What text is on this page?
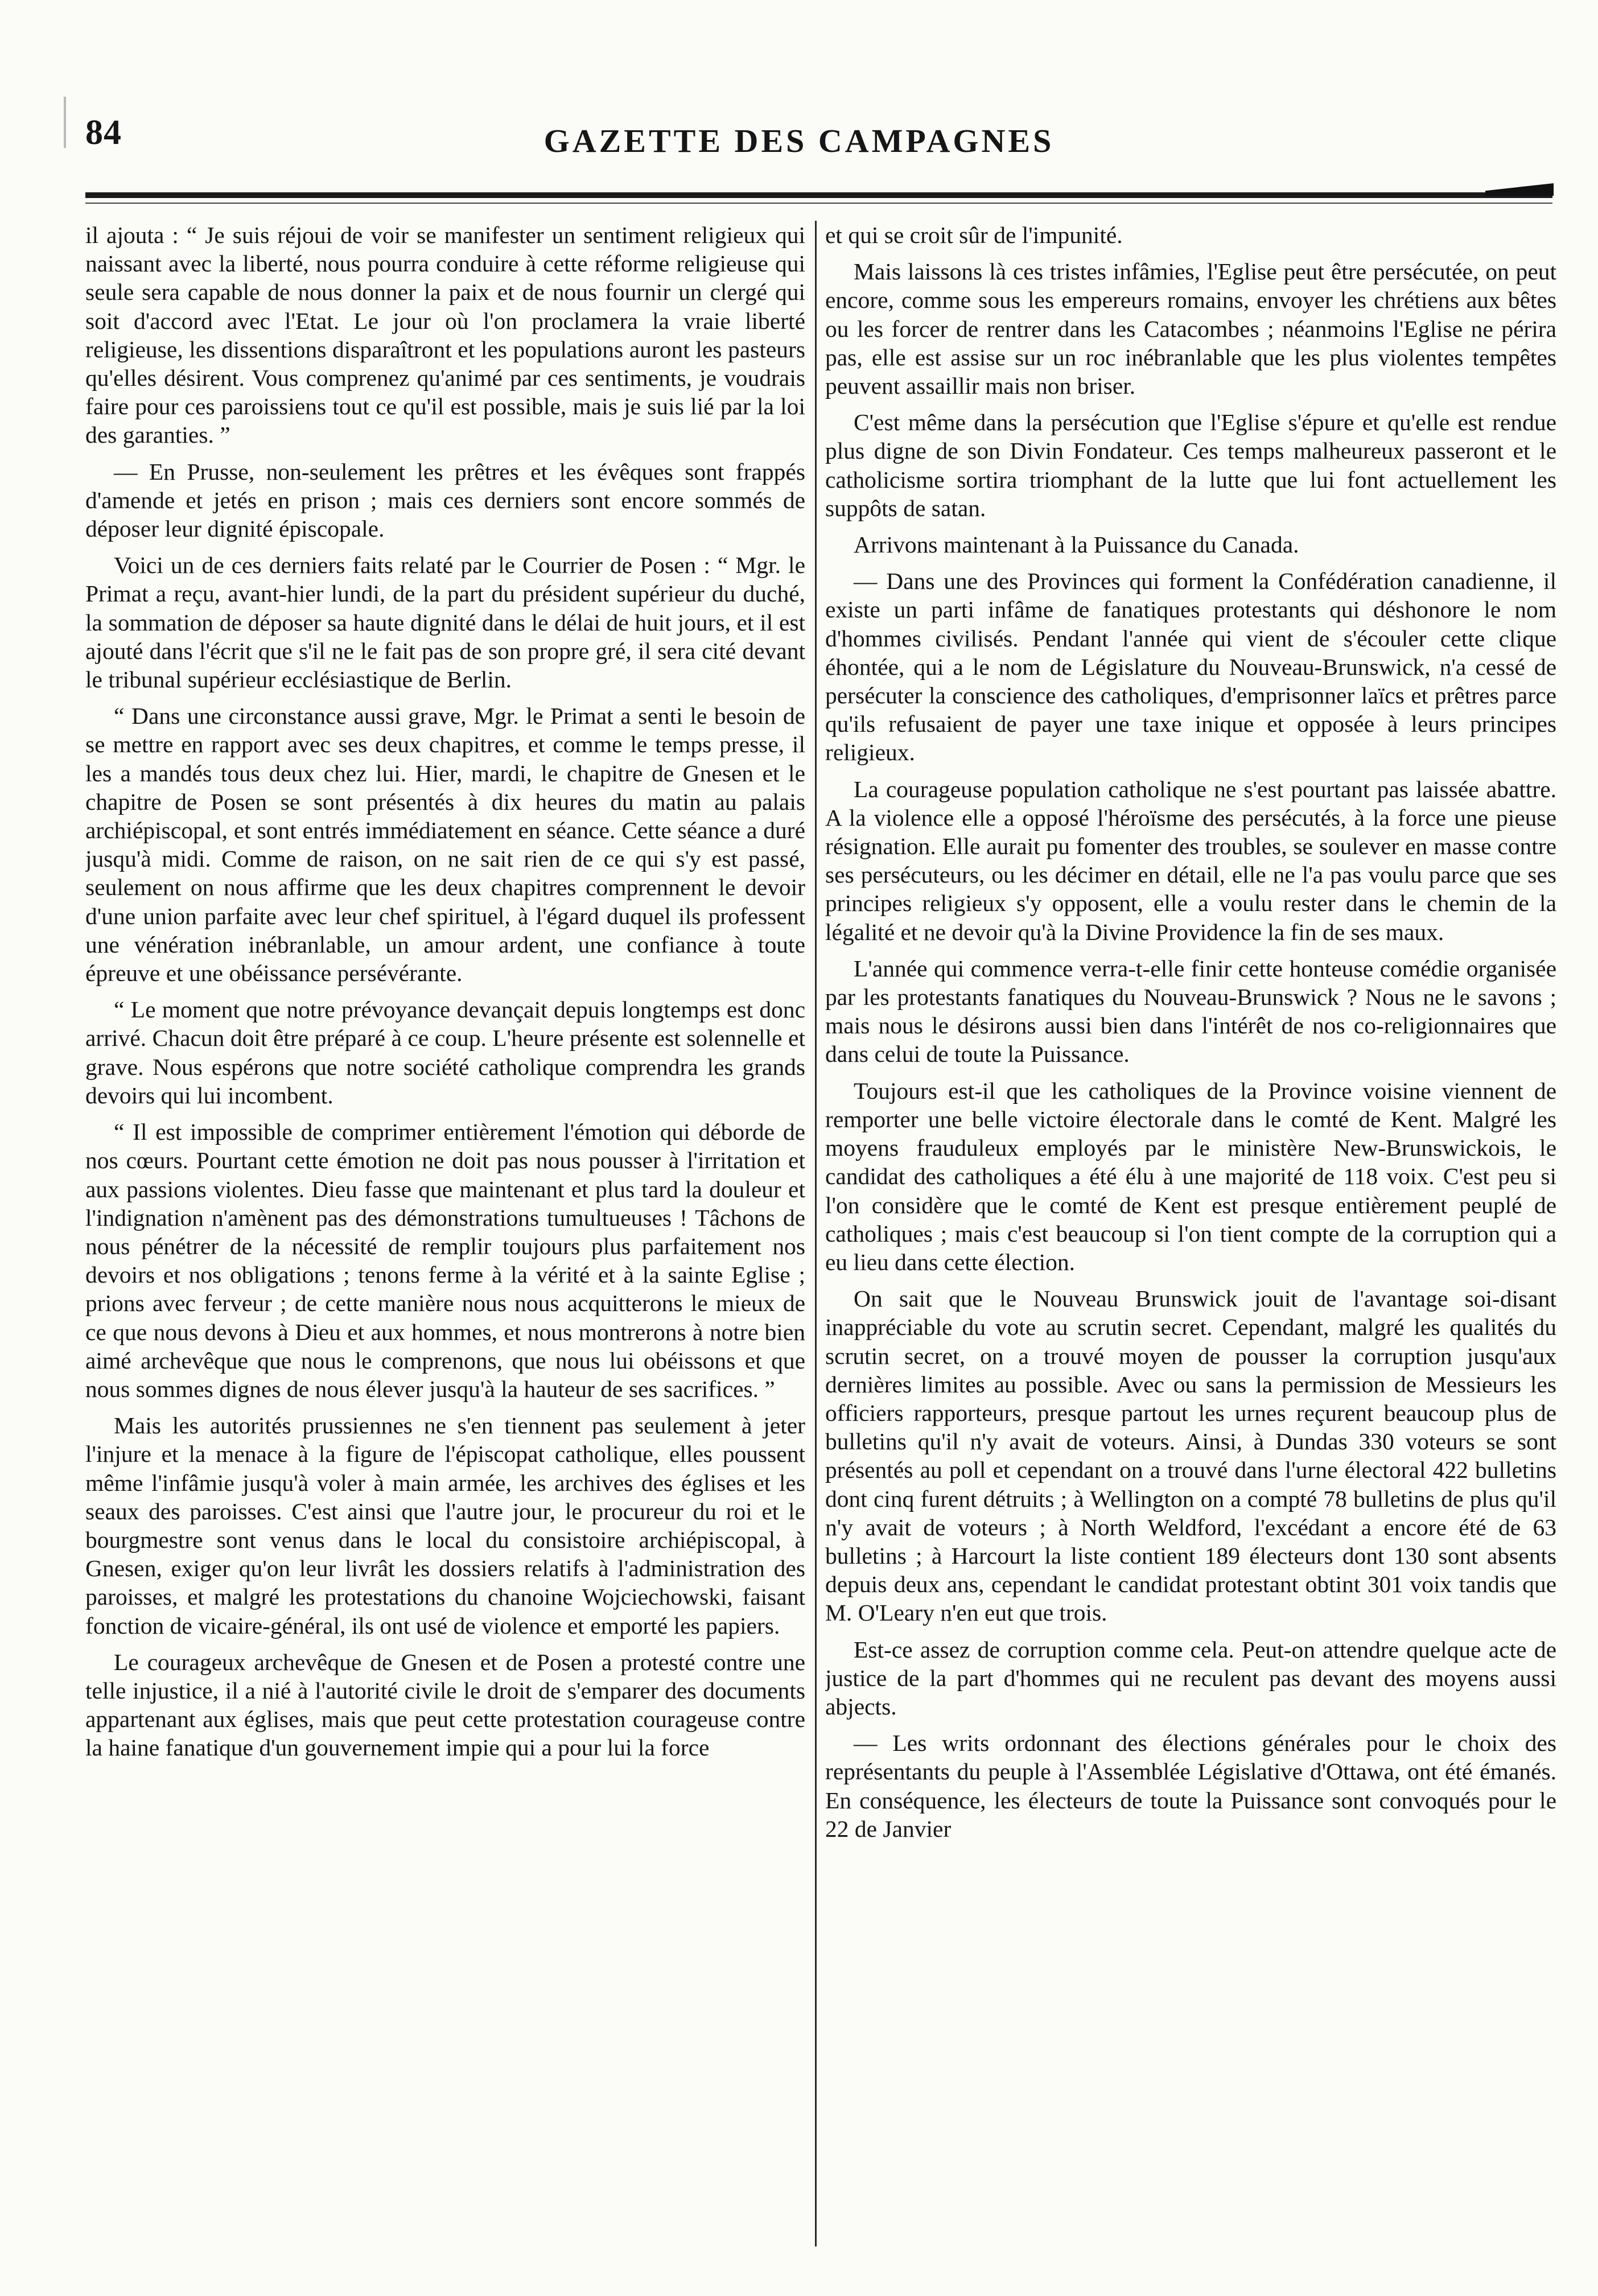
84	GAZETTE DES CAMPAGNES

il ajouta : “ Je suis réjoui de voir se manifester un sentiment religieux qui naissant avec la liberté, nous pourra conduire à cette réforme religieuse qui seule sera capable de nous donner la paix et de nous fournir un clergé qui soit d'accord avec l'Etat. Le jour où l'on proclamera la vraie liberté religieuse, les dissentions disparaîtront et les populations auront les pasteurs qu'elles désirent. Vous comprenez qu'animé par ces sentiments, je voudrais faire pour ces paroissiens tout ce qu'il est possible, mais je suis lié par la loi des garanties. ”

— En Prusse, non-seulement les prêtres et les évêques sont frappés d'amende et jetés en prison ; mais ces derniers sont encore sommés de déposer leur dignité épiscopale.

Voici un de ces derniers faits relaté par le Courrier de Posen : “ Mgr. le Primat a reçu, avant-hier lundi, de la part du président supérieur du duché, la sommation de déposer sa haute dignité dans le délai de huit jours, et il est ajouté dans l'écrit que s'il ne le fait pas de son propre gré, il sera cité devant le tribunal supérieur ecclésiastique de Berlin.

“ Dans une circonstance aussi grave, Mgr. le Primat a senti le besoin de se mettre en rapport avec ses deux chapitres, et comme le temps presse, il les a mandés tous deux chez lui. Hier, mardi, le chapitre de Gnesen et le chapitre de Posen se sont présentés à dix heures du matin au palais archiépiscopal, et sont entrés immédiatement en séance. Cette séance a duré jusqu'à midi. Comme de raison, on ne sait rien de ce qui s'y est passé, seulement on nous affirme que les deux chapitres comprennent le devoir d'une union parfaite avec leur chef spirituel, à l'égard duquel ils professent une vénération inébranlable, un amour ardent, une confiance à toute épreuve et une obéissance persévérante.

“ Le moment que notre prévoyance devançait depuis longtemps est donc arrivé. Chacun doit être préparé à ce coup. L'heure présente est solennelle et grave. Nous espérons que notre société catholique comprendra les grands devoirs qui lui incombent.

“ Il est impossible de comprimer entièrement l'émotion qui déborde de nos cœurs. Pourtant cette émotion ne doit pas nous pousser à l'irritation et aux passions violentes. Dieu fasse que maintenant et plus tard la douleur et l'indignation n'amènent pas des démonstrations tumultueuses ! Tâchons de nous pénétrer de la nécessité de remplir toujours plus parfaitement nos devoirs et nos obligations ; tenons ferme à la vérité et à la sainte Eglise ; prions avec ferveur ; de cette manière nous nous acquitterons le mieux de ce que nous devons à Dieu et aux hommes, et nous montrerons à notre bien aimé archevêque que nous le comprenons, que nous lui obéissons et que nous sommes dignes de nous élever jusqu'à la hauteur de ses sacrifices. ”

Mais les autorités prussiennes ne s'en tiennent pas seulement à jeter l'injure et la menace à la figure de l'épiscopat catholique, elles poussent même l'infâmie jusqu'à voler à main armée, les archives des églises et les seaux des paroisses. C'est ainsi que l'autre jour, le procureur du roi et le bourgmestre sont venus dans le local du consistoire archiépiscopal, à Gnesen, exiger qu'on leur livrât les dossiers relatifs à l'administration des paroisses, et malgré les protestations du chanoine Wojciechowski, faisant fonction de vicaire-général, ils ont usé de violence et emporté les papiers.

Le courageux archevêque de Gnesen et de Posen a protesté contre une telle injustice, il a nié à l'autorité civile le droit de s'emparer des documents appartenant aux églises, mais que peut cette protestation courageuse contre la haine fanatique d'un gouvernement impie qui a pour lui la force

et qui se croit sûr de l'impunité.

Mais laissons là ces tristes infâmies, l'Eglise peut être persécutée, on peut encore, comme sous les empereurs romains, envoyer les chrétiens aux bêtes ou les forcer de rentrer dans les Catacombes ; néanmoins l'Eglise ne périra pas, elle est assise sur un roc inébranlable que les plus violentes tempêtes peuvent assaillir mais non briser.

C'est même dans la persécution que l'Eglise s'épure et qu'elle est rendue plus digne de son Divin Fondateur. Ces temps malheureux passeront et le catholicisme sortira triomphant de la lutte que lui font actuellement les suppôts de satan.

Arrivons maintenant à la Puissance du Canada.

— Dans une des Provinces qui forment la Confédération canadienne, il existe un parti infâme de fanatiques protestants qui déshonore le nom d'hommes civilisés. Pendant l'année qui vient de s'écouler cette clique éhontée, qui a le nom de Législature du Nouveau-Brunswick, n'a cessé de persécuter la conscience des catholiques, d'emprisonner laïcs et prêtres parce qu'ils refusaient de payer une taxe inique et opposée à leurs principes religieux.

La courageuse population catholique ne s'est pourtant pas laissée abattre. A la violence elle a opposé l'héroïsme des persécutés, à la force une pieuse résignation. Elle aurait pu fomenter des troubles, se soulever en masse contre ses persécuteurs, ou les décimer en détail, elle ne l'a pas voulu parce que ses principes religieux s'y opposent, elle a voulu rester dans le chemin de la légalité et ne devoir qu'à la Divine Providence la fin de ses maux.

L'année qui commence verra-t-elle finir cette honteuse comédie organisée par les protestants fanatiques du Nouveau-Brunswick ? Nous ne le savons ; mais nous le désirons aussi bien dans l'intérêt de nos co-religionnaires que dans celui de toute la Puissance.

Toujours est-il que les catholiques de la Province voisine viennent de remporter une belle victoire électorale dans le comté de Kent. Malgré les moyens frauduleux employés par le ministère New-Brunswickois, le candidat des catholiques a été élu à une majorité de 118 voix. C'est peu si l'on considère que le comté de Kent est presque entièrement peuplé de catholiques ; mais c'est beaucoup si l'on tient compte de la corruption qui a eu lieu dans cette élection.

On sait que le Nouveau Brunswick jouit de l'avantage soi-disant inappréciable du vote au scrutin secret. Cependant, malgré les qualités du scrutin secret, on a trouvé moyen de pousser la corruption jusqu'aux dernières limites au possible. Avec ou sans la permission de Messieurs les officiers rapporteurs, presque partout les urnes reçurent beaucoup plus de bulletins qu'il n'y avait de voteurs. Ainsi, à Dundas 330 voteurs se sont présentés au poll et cependant on a trouvé dans l'urne électoral 422 bulletins dont cinq furent détruits ; à Wellington on a compté 78 bulletins de plus qu'il n'y avait de voteurs ; à North Weldford, l'excédant a encore été de 63 bulletins ; à Harcourt la liste contient 189 électeurs dont 130 sont absents depuis deux ans, cependant le candidat protestant obtint 301 voix tandis que M. O'Leary n'en eut que trois.

Est-ce assez de corruption comme cela. Peut-on attendre quelque acte de justice de la part d'hommes qui ne reculent pas devant des moyens aussi abjects.

— Les writs ordonnant des élections générales pour le choix des représentants du peuple à l'Assemblée Législative d'Ottawa, ont été émanés. En conséquence, les électeurs de toute la Puissance sont convoqués pour le 22 de Janvier
